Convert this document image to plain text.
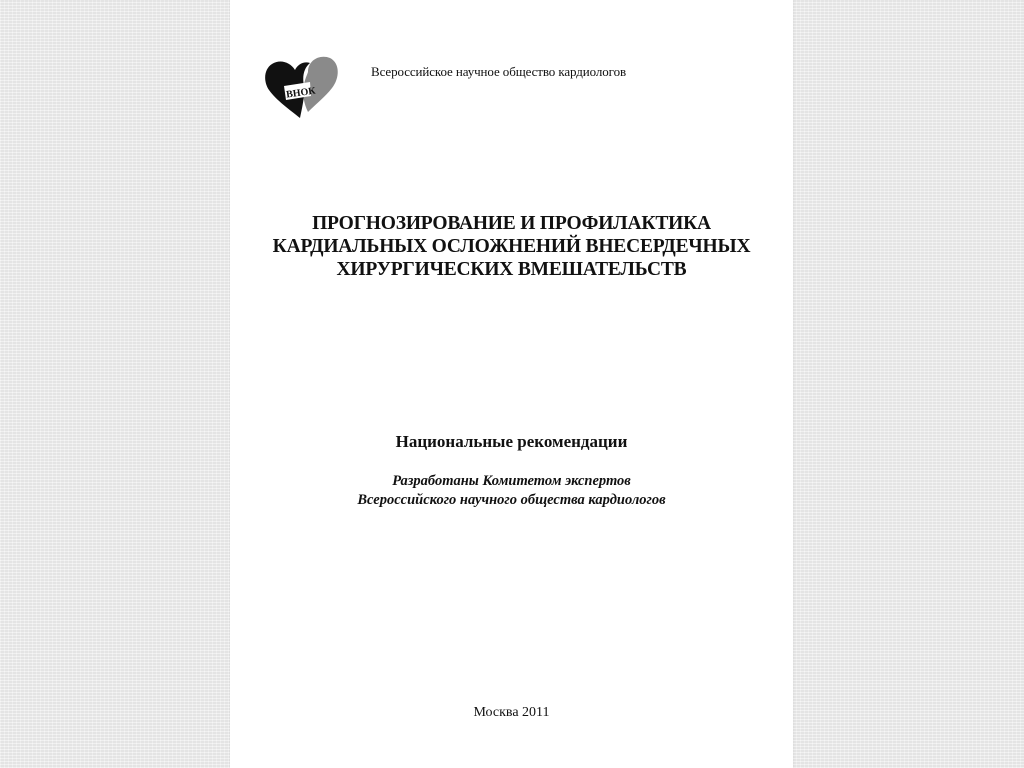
ВНОК
Всероссийское научное общество кардиологов
ПРОГНОЗИРОВАНИЕ И ПРОФИЛАКТИКА
КАРДИАЛЬНЫХ ОСЛОЖНЕНИЙ ВНЕСЕРДЕЧНЫХ
ХИРУРГИЧЕСКИХ ВМЕШАТЕЛЬСТВ
Национальные рекомендации
Разработаны Комитетом экспертов
Всероссийского научного общества кардиологов
Москва 2011
